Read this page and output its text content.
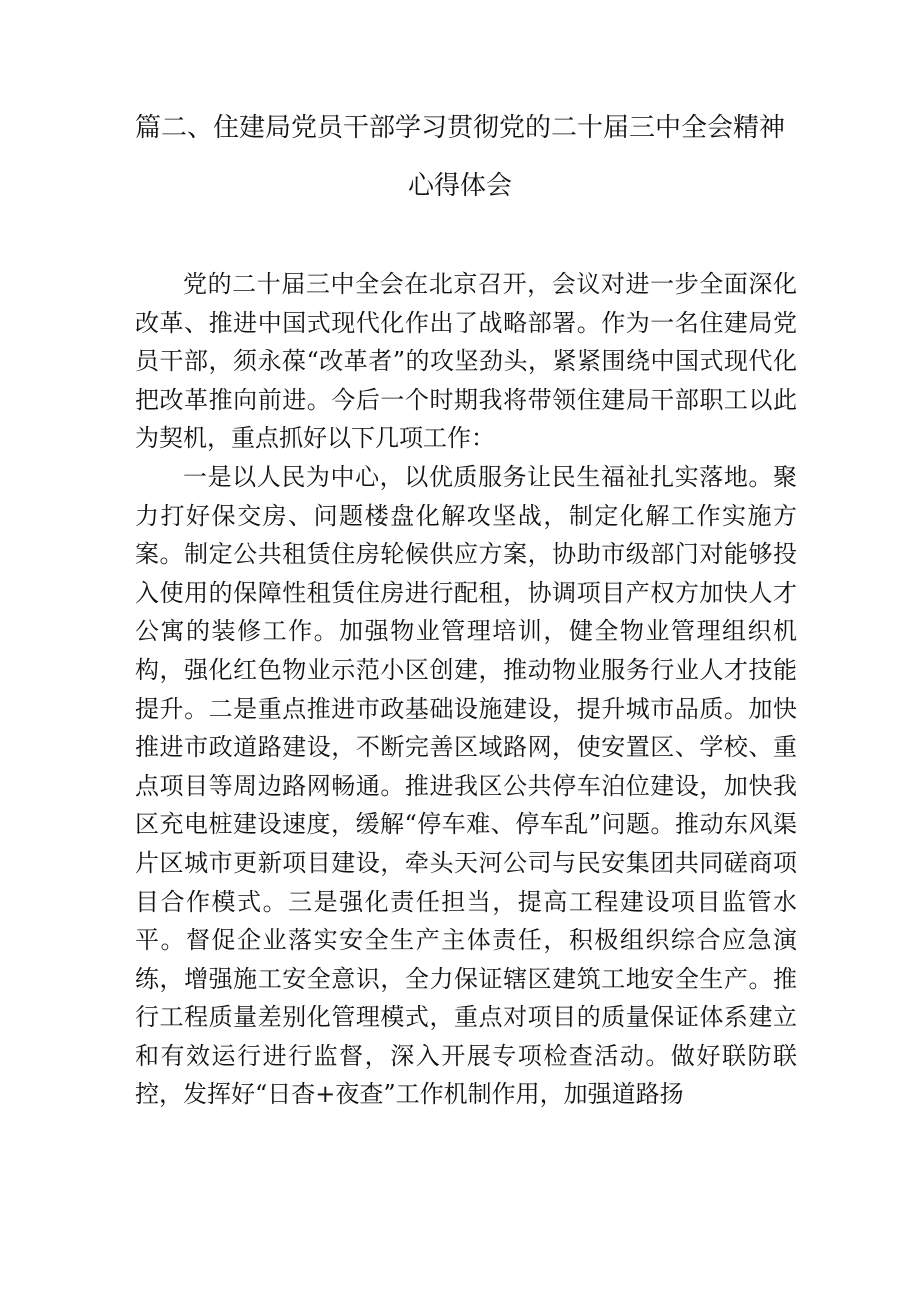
篇二、住建局党员干部学习贯彻党的二十届三中全会精神
心得体会

党的二十届三中全会在北京召开，会议对进一步全面深化改革、推进中国式现代化作出了战略部署。作为一名住建局党员干部，须永葆“改革者”的攻坚劲头，紧紧围绕中国式现代化把改革推向前进。今后一个时期我将带领住建局干部职工以此为契机，重点抓好以下几项工作：

一是以人民为中心，以优质服务让民生福祉扎实落地。聚力打好保交房、问题楼盘化解攻坚战，制定化解工作实施方案。制定公共租赁住房轮候供应方案，协助市级部门对能够投入使用的保障性租赁住房进行配租，协调项目产权方加快人才公寓的装修工作。加强物业管理培训，健全物业管理组织机构，强化红色物业示范小区创建，推动物业服务行业人才技能提升。二是重点推进市政基础设施建设，提升城市品质。加快推进市政道路建设，不断完善区域路网，使安置区、学校、重点项目等周边路网畅通。推进我区公共停车泊位建设，加快我区充电桩建设速度，缓解“停车难、停车乱”问题。推动东风渠片区城市更新项目建设，牵头天河公司与民安集团共同磋商项目合作模式。三是强化责任担当，提高工程建设项目监管水平。督促企业落实安全生产主体责任，积极组织综合应急演练，增强施工安全意识，全力保证辖区建筑工地安全生产。推行工程质量差别化管理模式，重点对项目的质量保证体系建立和有效运行进行监督，深入开展专项检查活动。做好联防联控，发挥好“日杳+夜查”工作机制作用，加强道路扬
